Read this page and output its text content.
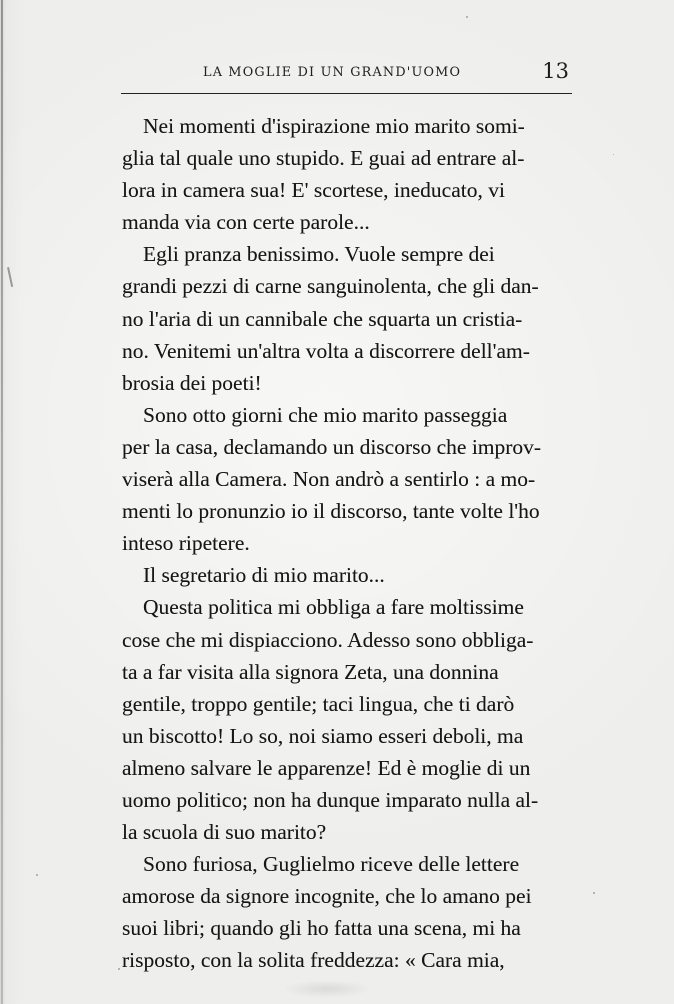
LA MOGLIE DI UN GRAND'UOMO	13
Nei momenti d'ispirazione mio marito somi-
glia tal quale uno stupido. E guai ad entrare al-
lora in camera sua! E' scortese, ineducato, vi
manda via con certe parole...
Egli pranza benissimo. Vuole sempre dei
grandi pezzi di carne sanguinolenta, che gli dan-
no l'aria di un cannibale che squarta un cristia-
no. Venitemi un'altra volta a discorrere dell'am-
brosia dei poeti!
Sono otto giorni che mio marito passeggia
per la casa, declamando un discorso che improv-
viserà alla Camera. Non andrò a sentirlo : a mo-
menti lo pronunzio io il discorso, tante volte l'ho
inteso ripetere.
Il segretario di mio marito...
Questa politica mi obbliga a fare moltissime
cose che mi dispiacciono. Adesso sono obbliga-
ta a far visita alla signora Zeta, una donnina
gentile, troppo gentile; taci lingua, che ti darò
un biscotto! Lo so, noi siamo esseri deboli, ma
almeno salvare le apparenze! Ed è moglie di un
uomo politico; non ha dunque imparato nulla al-
la scuola di suo marito?
Sono furiosa, Guglielmo riceve delle lettere
amorose da signore incognite, che lo amano pei
suoi libri; quando gli ho fatta una scena, mi ha
risposto, con la solita freddezza: « Cara mia,
